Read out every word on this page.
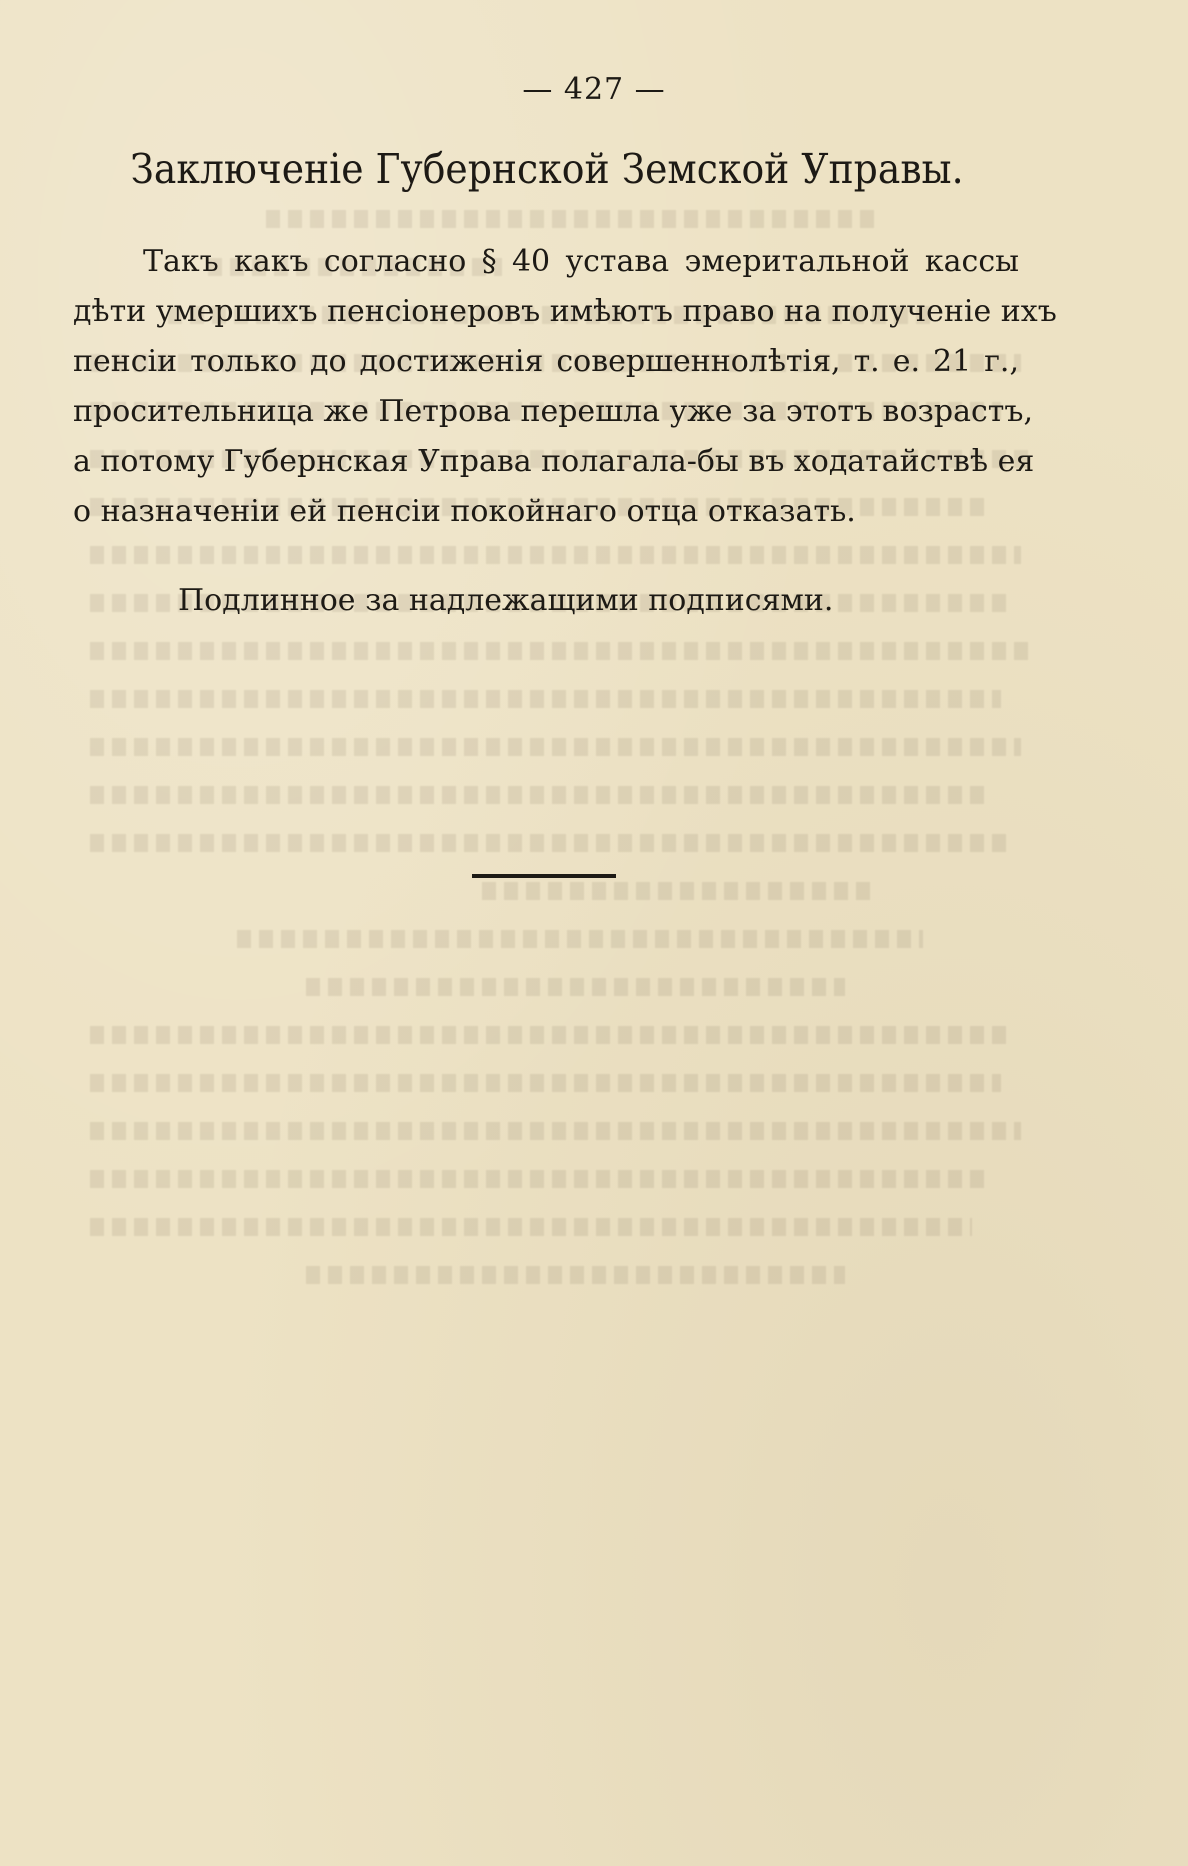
— 427 —
Заключенiе Губернской Земской Управы.

Такъ какъ согласно § 40 устава эмеритальной кассы
дѣти умершихъ пенсiонеровъ имѣютъ право на полученiе ихъ
пенсiи только до достиженiя совершеннолѣтiя, т. е. 21 г.,
просительница же Петрова перешла уже за этотъ возрастъ,
а потому Губернская Управа полагала-бы въ ходатайствѣ ея
о назначенiи ей пенсiи покойнаго отца отказать.

Подлинное за надлежащими подписями.
